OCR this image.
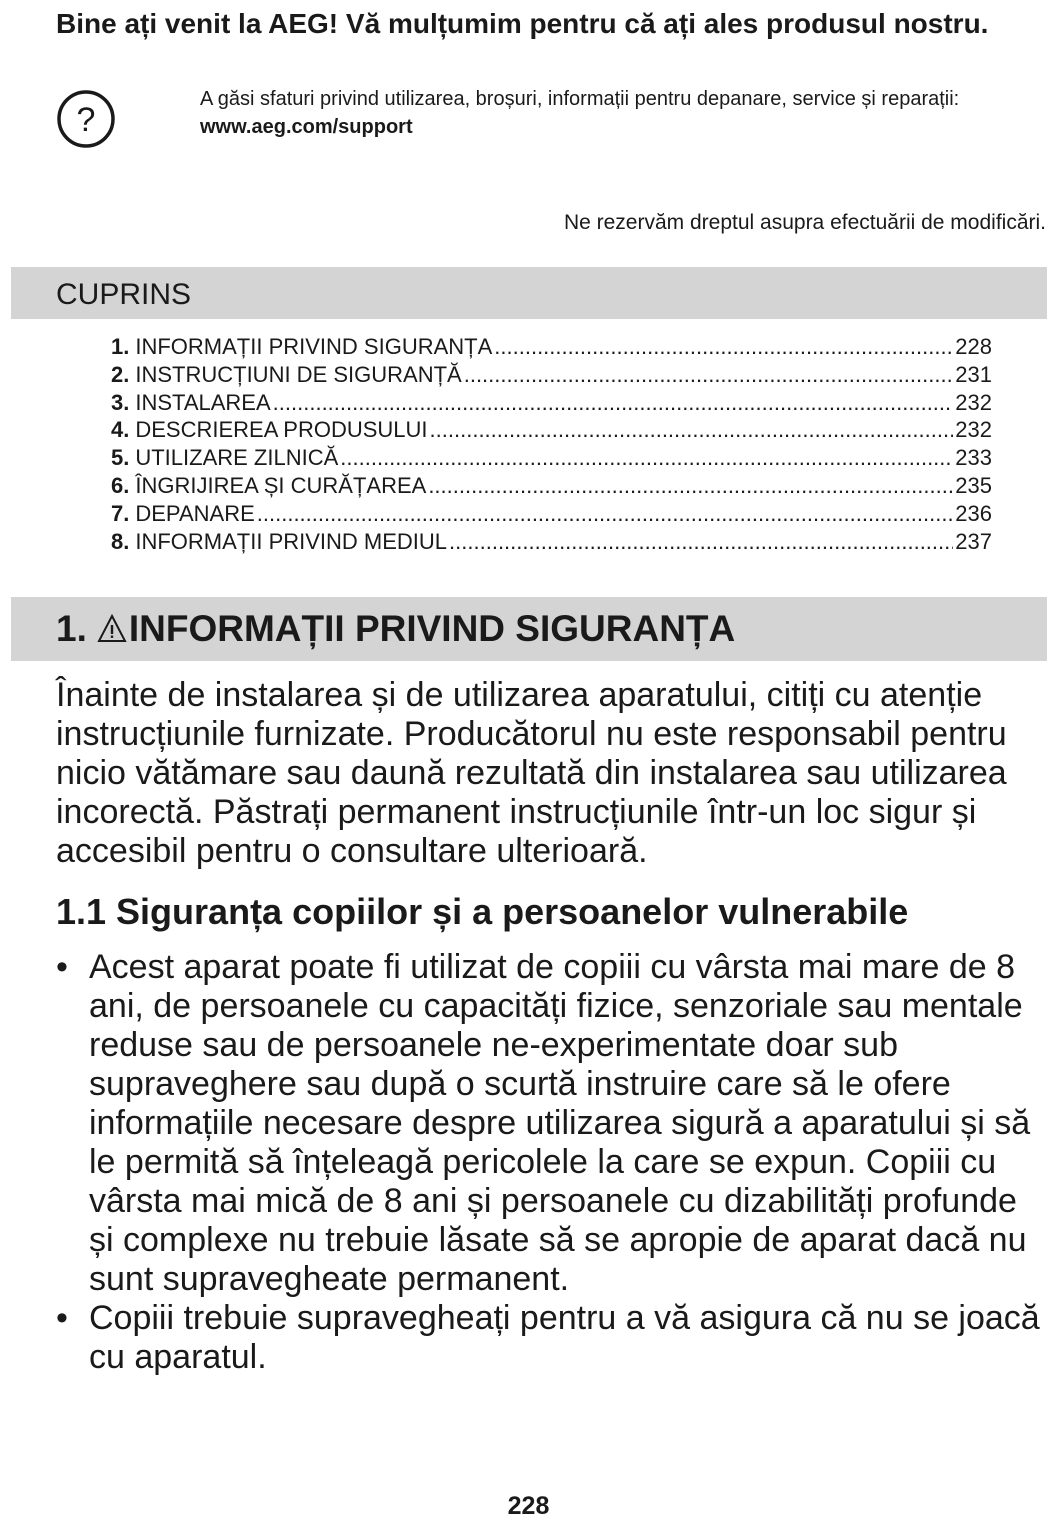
Bine ați venit la AEG! Vă mulțumim pentru că ați ales produsul nostru.
?
A găsi sfaturi privind utilizarea, broșuri, informații pentru depanare, service și reparații:
www.aeg.com/support
Ne rezervăm dreptul asupra efectuării de modificări.
CUPRINS
1. INFORMAȚII PRIVIND SIGURANȚA .....	228
2. INSTRUCȚIUNI DE SIGURANȚĂ .....	231
3. INSTALAREA .....	232
4. DESCRIEREA PRODUSULUI .....	232
5. UTILIZARE ZILNICĂ .....	233
6. ÎNGRIJIREA ȘI CURĂȚAREA .....	235
7. DEPANARE .....	236
8. INFORMAȚII PRIVIND MEDIUL .....	237
1. INFORMAȚII PRIVIND SIGURANȚA

Înainte de instalarea și de utilizarea aparatului, citiți cu atenție instrucțiunile furnizate. Producătorul nu este responsabil pentru nicio vătămare sau daună rezultată din instalarea sau utilizarea incorectă. Păstrați permanent instrucțiunile într-un loc sigur și accesibil pentru o consultare ulterioară.

1.1 Siguranța copiilor și a persoanelor vulnerabile
• Acest aparat poate fi utilizat de copiii cu vârsta mai mare de 8 ani, de persoanele cu capacități fizice, senzoriale sau mentale reduse sau de persoanele ne-experimentate doar sub supraveghere sau după o scurtă instruire care să le ofere informațiile necesare despre utilizarea sigură a aparatului și să le permită să înțeleagă pericolele la care se expun. Copiii cu vârsta mai mică de 8 ani și persoanele cu dizabilități profunde și complexe nu trebuie lăsate să se apropie de aparat dacă nu sunt supravegheate permanent.
• Copiii trebuie supravegheați pentru a vă asigura că nu se joacă cu aparatul.
228
